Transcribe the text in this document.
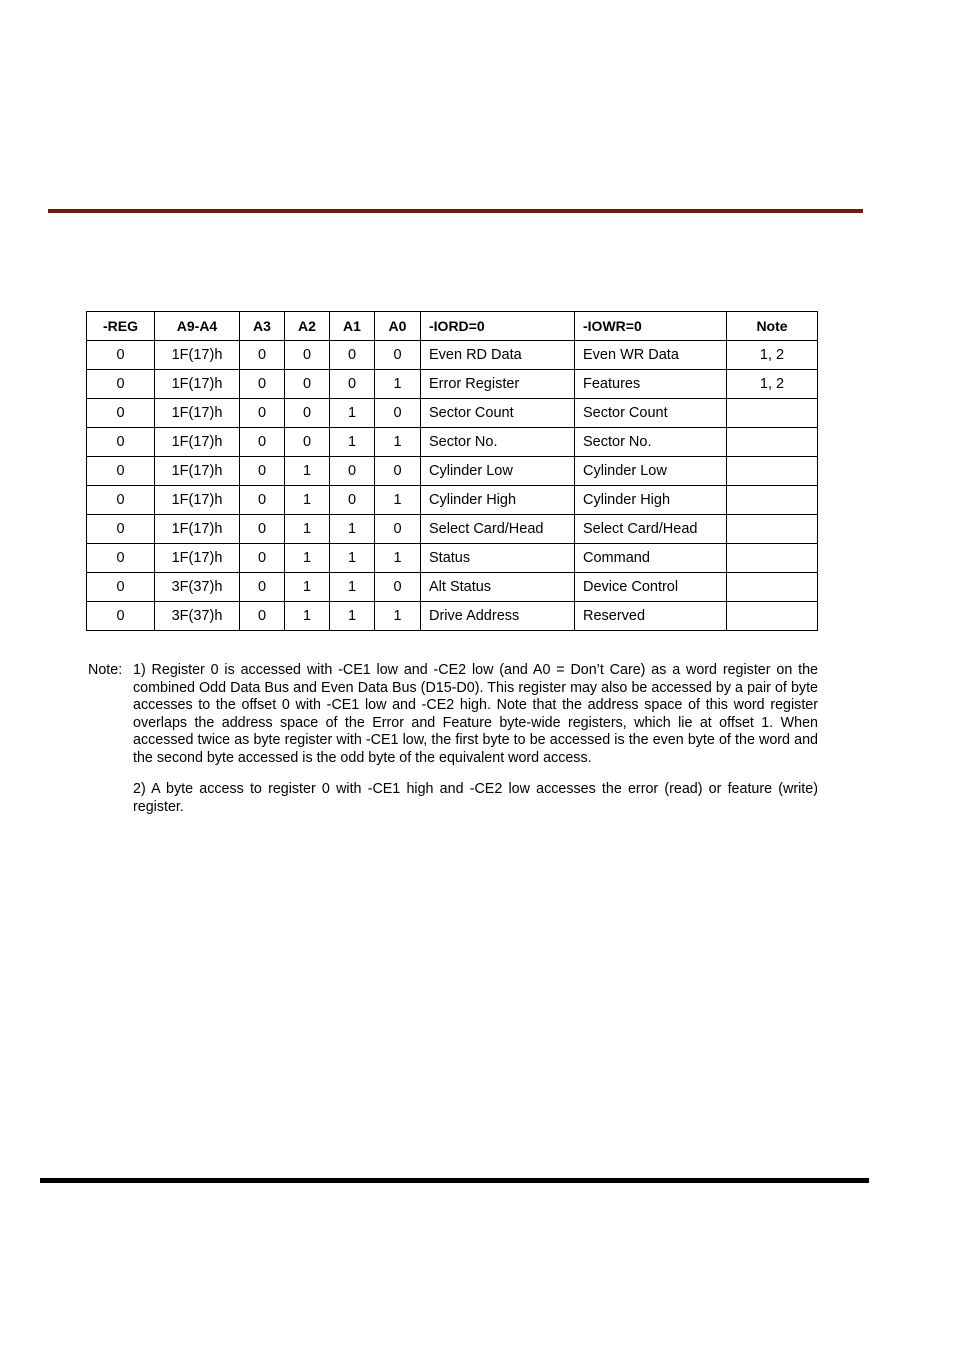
-REG	A9-A4	A3	A2	A1	A0	-IORD=0	-IOWR=0	Note
0	1F(17)h	0	0	0	0	Even RD Data	Even WR Data	1, 2
0	1F(17)h	0	0	0	1	Error Register	Features	1, 2
0	1F(17)h	0	0	1	0	Sector Count	Sector Count	
0	1F(17)h	0	0	1	1	Sector No.	Sector No.	
0	1F(17)h	0	1	0	0	Cylinder Low	Cylinder Low	
0	1F(17)h	0	1	0	1	Cylinder High	Cylinder High	
0	1F(17)h	0	1	1	0	Select Card/Head	Select Card/Head	
0	1F(17)h	0	1	1	1	Status	Command	
0	3F(37)h	0	1	1	0	Alt Status	Device Control	
0	3F(37)h	0	1	1	1	Drive Address	Reserved	
Note: 1) Register 0 is accessed with -CE1 low and -CE2 low (and A0 = Don’t Care) as a word register on the combined Odd Data Bus and Even Data Bus (D15-D0). This register may also be accessed by a pair of byte accesses to the offset 0 with -CE1 low and -CE2 high. Note that the address space of this word register overlaps the address space of the Error and Feature byte-wide registers, which lie at offset 1. When accessed twice as byte register with -CE1 low, the first byte to be accessed is the even byte of the word and the second byte accessed is the odd byte of the equivalent word access.
2) A byte access to register 0 with -CE1 high and -CE2 low accesses the error (read) or feature (write) register.
